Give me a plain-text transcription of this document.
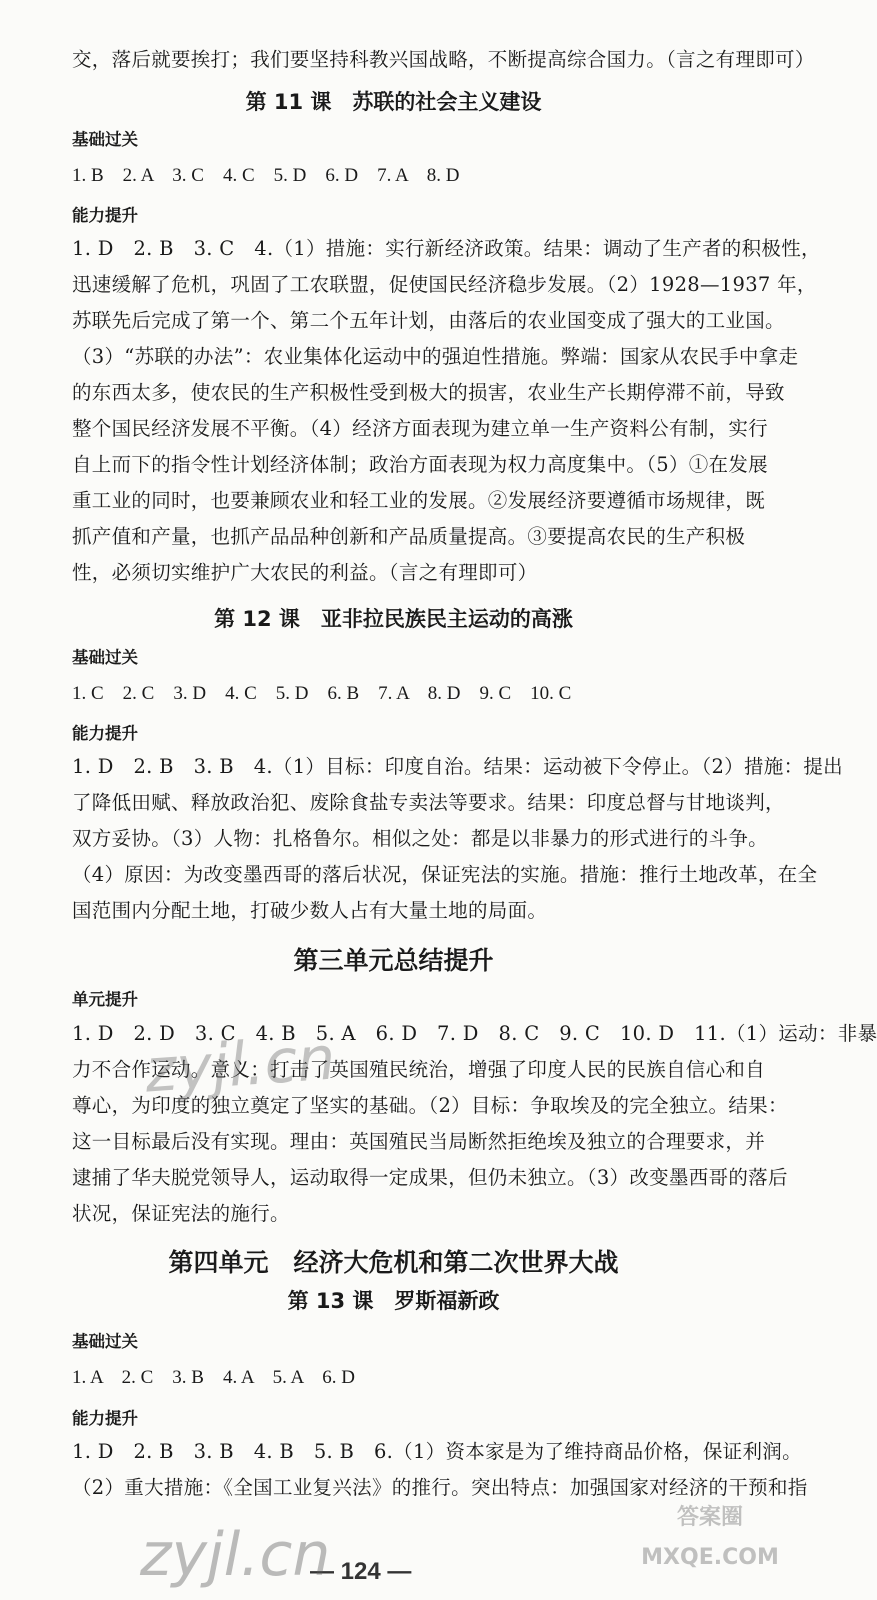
交，落后就要挨打；我们要坚持科教兴国战略，不断提高综合国力。（言之有理即可）
第 11 课　苏联的社会主义建设
基础过关
1. B　2. A　3. C　4. C　5. D　6. D　7. A　8. D
能力提升
1. D　2. B　3. C　4.（1）措施：实行新经济政策。结果：调动了生产者的积极性，
迅速缓解了危机，巩固了工农联盟，促使国民经济稳步发展。（2）1928—1937 年，
苏联先后完成了第一个、第二个五年计划，由落后的农业国变成了强大的工业国。
（3）“苏联的办法”：农业集体化运动中的强迫性措施。弊端：国家从农民手中拿走
的东西太多，使农民的生产积极性受到极大的损害，农业生产长期停滞不前，导致
整个国民经济发展不平衡。（4）经济方面表现为建立单一生产资料公有制，实行
自上而下的指令性计划经济体制；政治方面表现为权力高度集中。（5）①在发展
重工业的同时，也要兼顾农业和轻工业的发展。②发展经济要遵循市场规律，既
抓产值和产量，也抓产品品种创新和产品质量提高。③要提高农民的生产积极
性，必须切实维护广大农民的利益。（言之有理即可）
第 12 课　亚非拉民族民主运动的高涨
基础过关
1. C　2. C　3. D　4. C　5. D　6. B　7. A　8. D　9. C　10. C
能力提升
1. D　2. B　3. B　4.（1）目标：印度自治。结果：运动被下令停止。（2）措施：提出
了降低田赋、释放政治犯、废除食盐专卖法等要求。结果：印度总督与甘地谈判，
双方妥协。（3）人物：扎格鲁尔。相似之处：都是以非暴力的形式进行的斗争。
（4）原因：为改变墨西哥的落后状况，保证宪法的实施。措施：推行土地改革，在全
国范围内分配土地，打破少数人占有大量土地的局面。
第三单元总结提升
单元提升
1. D　2. D　3. C　4. B　5. A　6. D　7. D　8. C　9. C　10. D　11.（1）运动：非暴
力不合作运动。意义：打击了英国殖民统治，增强了印度人民的民族自信心和自
尊心，为印度的独立奠定了坚实的基础。（2）目标：争取埃及的完全独立。结果：
这一目标最后没有实现。理由：英国殖民当局断然拒绝埃及独立的合理要求，并
逮捕了华夫脱党领导人，运动取得一定成果，但仍未独立。（3）改变墨西哥的落后
状况，保证宪法的施行。
第四单元　经济大危机和第二次世界大战
第 13 课　罗斯福新政
基础过关
1. A　2. C　3. B　4. A　5. A　6. D
能力提升
1. D　2. B　3. B　4. B　5. B　6.（1）资本家是为了维持商品价格，保证利润。
（2）重大措施：《全国工业复兴法》的推行。突出特点：加强国家对经济的干预和指
— 124 —
zyjl.cn
zyjl.cn
答案圈 MXQE.COM
